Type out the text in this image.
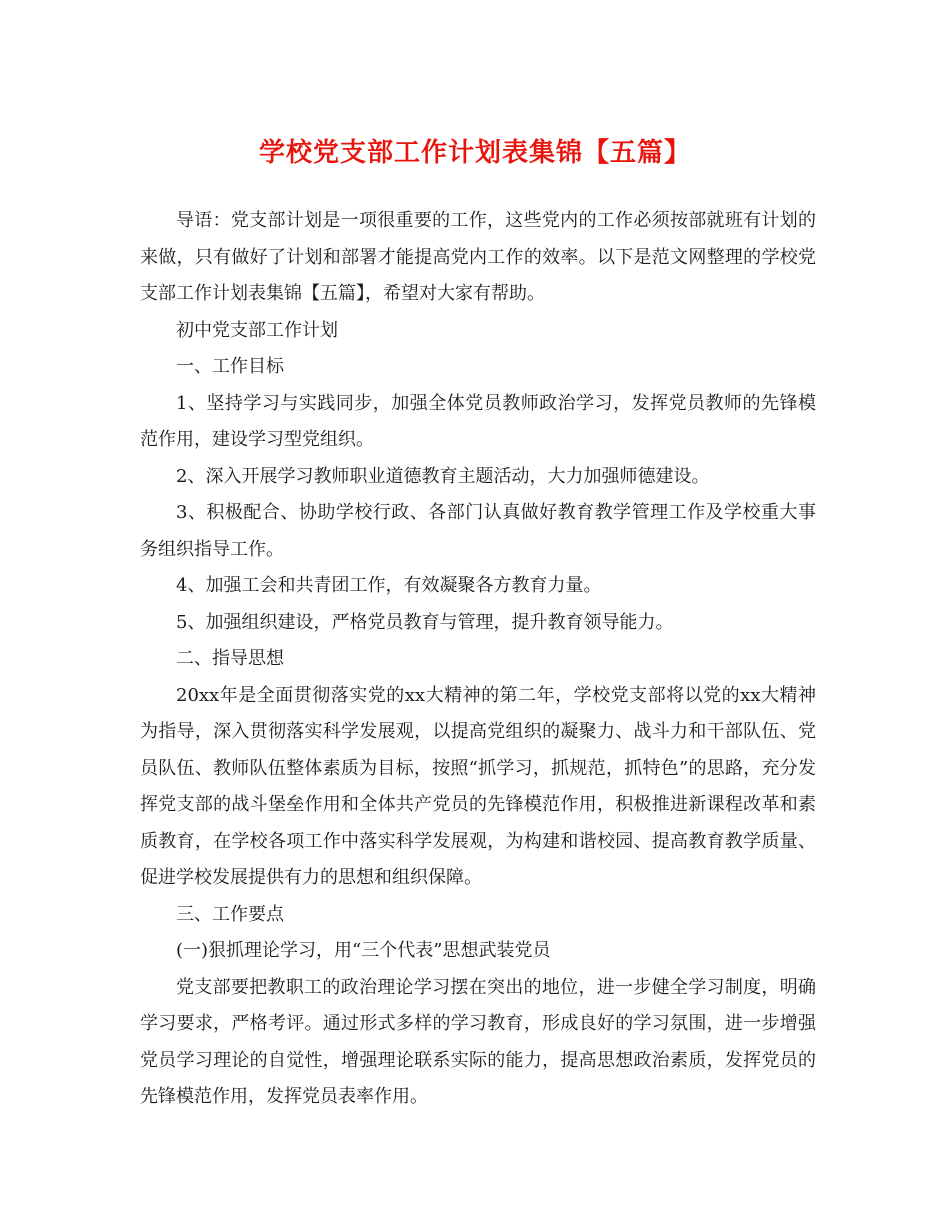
学校党支部工作计划表集锦【五篇】

导语：党支部计划是一项很重要的工作，这些党内的工作必须按部就班有计划的来做，只有做好了计划和部署才能提高党内工作的效率。以下是范文网整理的学校党支部工作计划表集锦【五篇】，希望对大家有帮助。

初中党支部工作计划

一、工作目标

1、坚持学习与实践同步，加强全体党员教师政治学习，发挥党员教师的先锋模范作用，建设学习型党组织。

2、深入开展学习教师职业道德教育主题活动，大力加强师德建设。

3、积极配合、协助学校行政、各部门认真做好教育教学管理工作及学校重大事务组织指导工作。

4、加强工会和共青团工作，有效凝聚各方教育力量。

5、加强组织建设，严格党员教育与管理，提升教育领导能力。

二、指导思想

20xx年是全面贯彻落实党的xx大精神的第二年，学校党支部将以党的xx大精神为指导，深入贯彻落实科学发展观，以提高党组织的凝聚力、战斗力和干部队伍、党员队伍、教师队伍整体素质为目标，按照“抓学习，抓规范，抓特色”的思路，充分发挥党支部的战斗堡垒作用和全体共产党员的先锋模范作用，积极推进新课程改革和素质教育，在学校各项工作中落实科学发展观，为构建和谐校园、提高教育教学质量、促进学校发展提供有力的思想和组织保障。

三、工作要点

(一)狠抓理论学习，用“三个代表”思想武装党员

党支部要把教职工的政治理论学习摆在突出的地位，进一步健全学习制度，明确学习要求，严格考评。通过形式多样的学习教育，形成良好的学习氛围，进一步增强党员学习理论的自觉性，增强理论联系实际的能力，提高思想政治素质，发挥党员的先锋模范作用，发挥党员表率作用。
